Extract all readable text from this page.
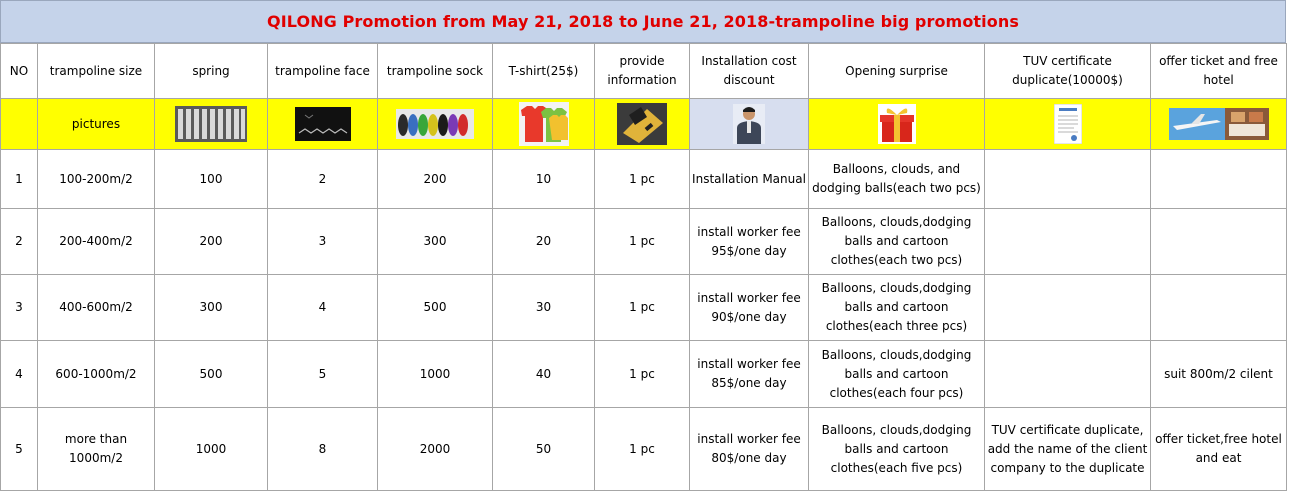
QILONG Promotion from May 21, 2018 to June 21, 2018-trampoline big promotions
NO	trampoline size	spring	trampoline face	trampoline sock	T-shirt(25$)	provide information	Installation cost discount	Opening surprise	TUV certificate duplicate(10000$)	offer ticket and free hotel
	pictures									
1	100-200m/2	100	2	200	10	1 pc	Installation Manual	Balloons, clouds, and dodging balls(each two pcs)		
2	200-400m/2	200	3	300	20	1 pc	install worker fee 95$/one day	Balloons, clouds,dodging balls and cartoon clothes(each two pcs)		
3	400-600m/2	300	4	500	30	1 pc	install worker fee 90$/one day	Balloons, clouds,dodging balls and cartoon clothes(each three pcs)		
4	600-1000m/2	500	5	1000	40	1 pc	install worker fee 85$/one day	Balloons, clouds,dodging balls and cartoon clothes(each four pcs)		suit 800m/2 cilent
5	more than 1000m/2	1000	8	2000	50	1 pc	install worker fee 80$/one day	Balloons, clouds,dodging balls and cartoon clothes(each five pcs)	TUV certificate duplicate, add the name of the client company to the duplicate	offer ticket,free hotel and eat
